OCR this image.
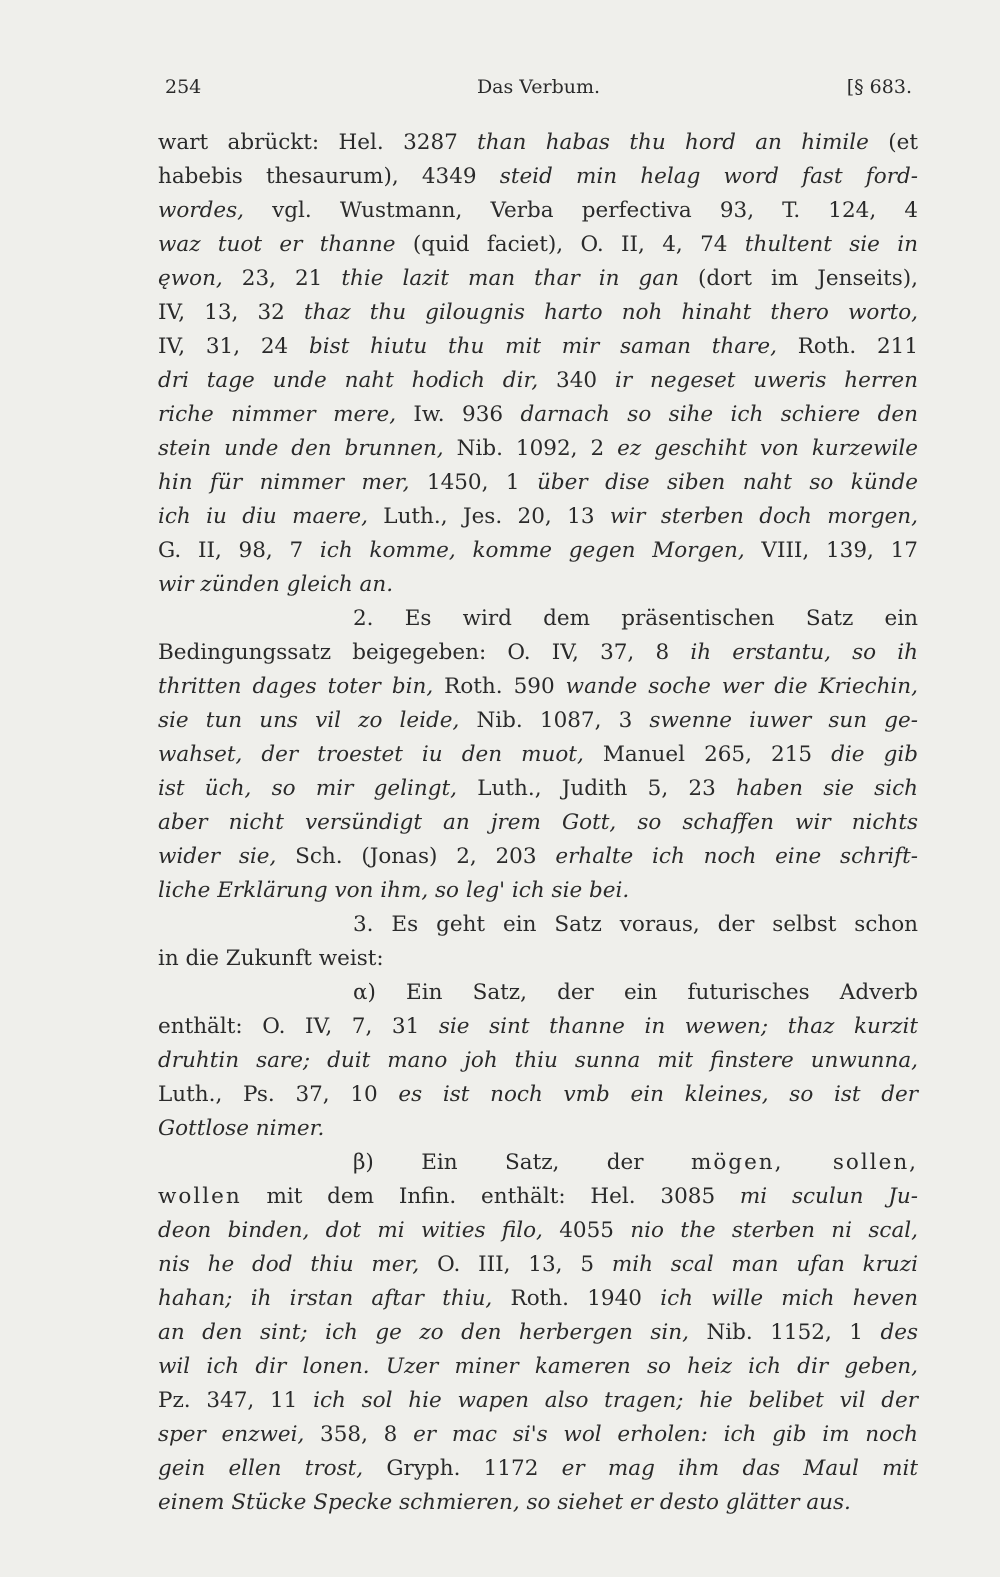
254	Das Verbum.	[§ 683.
wart abrückt: Hel. 3287 than habas thu hord an himile (et
habebis thesaurum), 4349 steid min helag word fast ford-
wordes, vgl. Wustmann, Verba perfectiva 93, T. 124, 4
waz tuot er thanne (quid faciet), O. II, 4, 74 thultent sie in
ęwon, 23, 21 thie lazit man thar in gan (dort im Jenseits),
IV, 13, 32 thaz thu gilougnis harto noh hinaht thero worto,
IV, 31, 24 bist hiutu thu mit mir saman thare, Roth. 211
dri tage unde naht hodich dir, 340 ir negeset uweris herren
riche nimmer mere, Iw. 936 darnach so sihe ich schiere den
stein unde den brunnen, Nib. 1092, 2 ez geschiht von kurzewile
hin für nimmer mer, 1450, 1 über dise siben naht so künde
ich iu diu maere, Luth., Jes. 20, 13 wir sterben doch morgen,
G. II, 98, 7 ich komme, komme gegen Morgen, VIII, 139, 17
wir zünden gleich an.
2. Es wird dem präsentischen Satz ein
Bedingungssatz beigegeben: O. IV, 37, 8 ih erstantu, so ih
thritten dages toter bin, Roth. 590 wande soche wer die Kriechin,
sie tun uns vil zo leide, Nib. 1087, 3 swenne iuwer sun ge-
wahset, der troestet iu den muot, Manuel 265, 215 die gib
ist üch, so mir gelingt, Luth., Judith 5, 23 haben sie sich
aber nicht versündigt an jrem Gott, so schaffen wir nichts
wider sie, Sch. (Jonas) 2, 203 erhalte ich noch eine schrift-
liche Erklärung von ihm, so leg' ich sie bei.
3. Es geht ein Satz voraus, der selbst schon
in die Zukunft weist:
α) Ein Satz, der ein futurisches Adverb
enthält: O. IV, 7, 31 sie sint thanne in wewen; thaz kurzit
druhtin sare; duit mano joh thiu sunna mit finstere unwunna,
Luth., Ps. 37, 10 es ist noch vmb ein kleines, so ist der
Gottlose nimer.
β) Ein Satz, der mögen, sollen,
wollen mit dem Infin. enthält: Hel. 3085 mi sculun Ju-
deon binden, dot mi wities filo, 4055 nio the sterben ni scal,
nis he dod thiu mer, O. III, 13, 5 mih scal man ufan kruzi
hahan; ih irstan aftar thiu, Roth. 1940 ich wille mich heven
an den sint; ich ge zo den herbergen sin, Nib. 1152, 1 des
wil ich dir lonen. Uzer miner kameren so heiz ich dir geben,
Pz. 347, 11 ich sol hie wapen also tragen; hie belibet vil der
sper enzwei, 358, 8 er mac si's wol erholen: ich gib im noch
gein ellen trost, Gryph. 1172 er mag ihm das Maul mit
einem Stücke Specke schmieren, so siehet er desto glätter aus.
